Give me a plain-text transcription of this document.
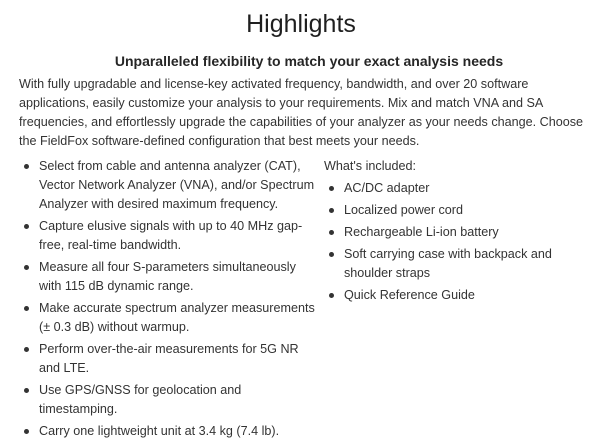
Highlights
Unparalleled flexibility to match your exact analysis needs

With fully upgradable and license-key activated frequency, bandwidth, and over 20 software applications, easily customize your analysis to your requirements. Mix and match VNA and SA frequencies, and effortlessly upgrade the capabilities of your analyzer as your needs change. Choose the FieldFox software-defined configuration that best meets your needs.

Select from cable and antenna analyzer (CAT), Vector Network Analyzer (VNA), and/or Spectrum Analyzer with desired maximum frequency.
Capture elusive signals with up to 40 MHz gap-free, real-time bandwidth.
Measure all four S-parameters simultaneously with 115 dB dynamic range.
Make accurate spectrum analyzer measurements (± 0.3 dB) without warmup.
Perform over-the-air measurements for 5G NR and LTE.
Use GPS/GNSS for geolocation and timestamping.
Carry one lightweight unit at 3.4 kg (7.4 lb).
What's included:
AC/DC adapter
Localized power cord
Rechargeable Li-ion battery
Soft carrying case with backpack and shoulder straps
Quick Reference Guide
